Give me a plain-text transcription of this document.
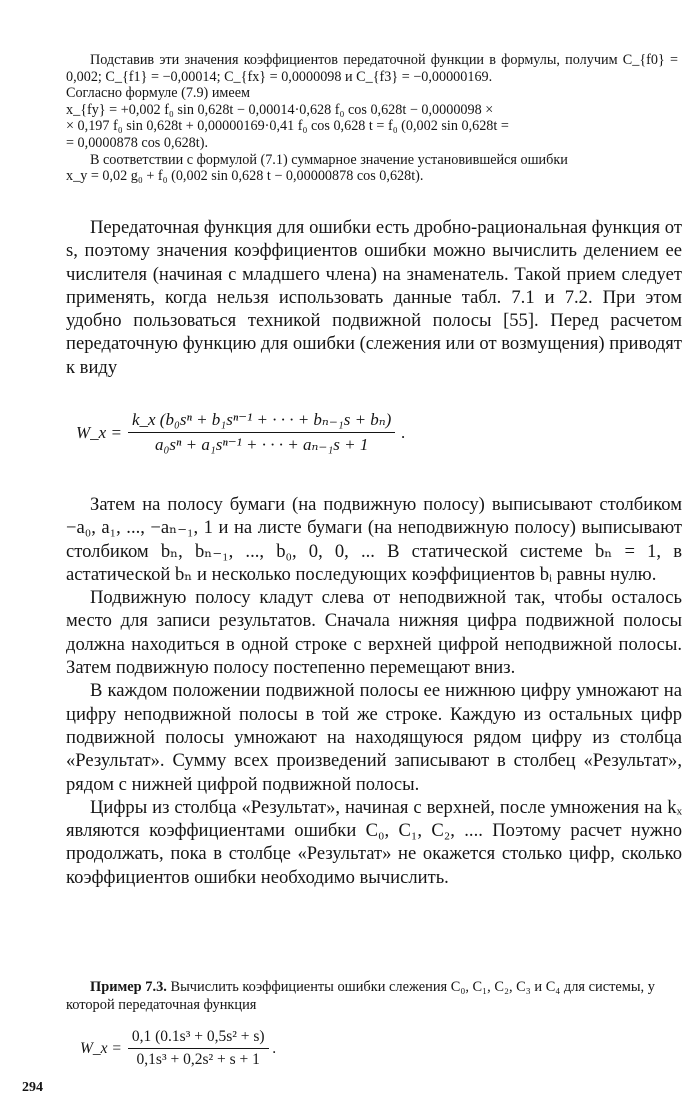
Подставив эти значения коэффициентов передаточной функции в формулы, получим C_{f0} = 0,002; C_{f1} = −0,00014; C_{fx} = 0,0000098 и C_{f3} = −0,00000169.

Согласно формуле (7.9) имеем

x_{fy} = +0,002 f₀ sin 0,628t − 0,00014·0,628 f₀ cos 0,628t − 0,0000098 ×

× 0,197 f₀ sin 0,628t + 0,00000169·0,41 f₀ cos 0,628 t = f₀ (0,002 sin 0,628t =

= 0,0000878 cos 0,628t).

В соответствии с формулой (7.1) суммарное значение установившейся ошибки

x_y = 0,02 g₀ + f₀ (0,002 sin 0,628 t − 0,00000878 cos 0,628t).

Передаточная функция для ошибки есть дробно-рациональная функция от s, поэтому значения коэффициентов ошибки можно вычислить делением ее числителя (начиная с младшего члена) на знаменатель. Такой прием следует применять, когда нельзя использовать данные табл. 7.1 и 7.2. При этом удобно пользоваться техникой подвижной полосы [55]. Перед расчетом передаточную функцию для ошибки (слежения или от возмущения) приводят к виду

W_x = $\frac{\text{k\_x (b₀sⁿ + b₁sⁿ⁻¹ + · · · + bₙ₋₁s + bₙ)}}{\text{a₀sⁿ + a₁sⁿ⁻¹ + · · · + aₙ₋₁s + 1}}$ .

Затем на полосу бумаги (на подвижную полосу) выписывают столбиком −a₀, a₁, ..., −aₙ₋₁, 1 и на листе бумаги (на неподвижную полосу) выписывают столбиком bₙ, bₙ₋₁, ..., b₀, 0, 0, ... В статической системе bₙ = 1, в астатической bₙ и несколько последующих коэффициентов bᵢ равны нулю.

Подвижную полосу кладут слева от неподвижной так, чтобы осталось место для записи результатов. Сначала нижняя цифра подвижной полосы должна находиться в одной строке с верхней цифрой неподвижной полосы. Затем подвижную полосу постепенно перемещают вниз.

В каждом положении подвижной полосы ее нижнюю цифру умножают на цифру неподвижной полосы в той же строке. Каждую из остальных цифр подвижной полосы умножают на находящуюся рядом цифру из столбца «Результат». Сумму всех произведений записывают в столбец «Результат», рядом с нижней цифрой подвижной полосы.

Цифры из столбца «Результат», начиная с верхней, после умножения на kₓ являются коэффициентами ошибки C₀, C₁, C₂, .... Поэтому расчет нужно продолжать, пока в столбце «Результат» не окажется столько цифр, сколько коэффициентов ошибки необходимо вычислить.

Пример 7.3. Вычислить коэффициенты ошибки слежения C₀, C₁, C₂, C₃ и C₄ для системы, у которой передаточная функция

W_x = $\frac{\text{0,1 (0.1s³ + 0,5s² + s)}}{\text{0,1s³ + 0,2s² + s + 1}}$ .
294
